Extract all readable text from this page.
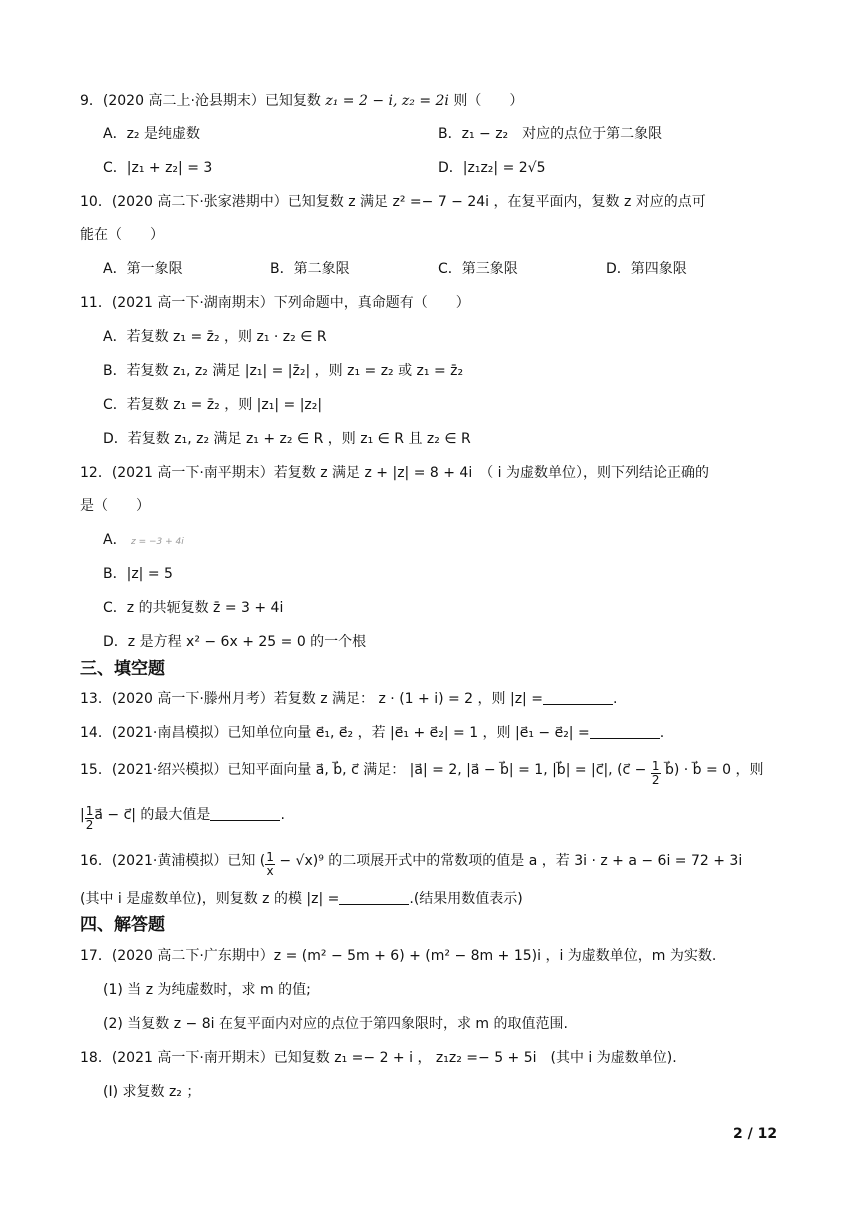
9．(2020 高二上·沧县期末）已知复数 z₁ = 2 − i, z₂ = 2i 则（　　）
A．z₂ 是纯虚数	B．z₁ − z₂　对应的点位于第二象限
C．|z₁ + z₂| = 3	D．|z₁z₂| = 2√5
10．(2020 高二下·张家港期中）已知复数 z 满足 z² =− 7 − 24i ，在复平面内，复数 z 对应的点可
能在（　　）
A．第一象限	B．第二象限	C．第三象限	D．第四象限
11．(2021 高一下·湖南期末）下列命题中，真命题有（　　）
A．若复数 z₁ = z̄₂ ，则 z₁ · z₂ ∈ R
B．若复数 z₁, z₂ 满足 |z₁| = |z̄₂| ，则 z₁ = z₂ 或 z₁ = z̄₂
C．若复数 z₁ = z̄₂ ，则 |z₁| = |z₂|
D．若复数 z₁, z₂ 满足 z₁ + z₂ ∈ R ，则 z₁ ∈ R 且 z₂ ∈ R
12．(2021 高一下·南平期末）若复数 z 满足 z + |z| = 8 + 4i　（ i 为虚数单位），则下列结论正确的
是（　　）
A． z = −3 + 4i
B．|z| = 5
C．z 的共轭复数 z̄ = 3 + 4i
D．z 是方程 x² − 6x + 25 = 0 的一个根
三、填空题
13．(2020 高一下·滕州月考）若复数 z 满足： z · (1 + i) = 2 ，则 |z| =	.
14．(2021·南昌模拟）已知单位向量 e⃗₁, e⃗₂ ，若 |e⃗₁ + e⃗₂| = 1 ，则 |e⃗₁ − e⃗₂| =	.
15．(2021·绍兴模拟）已知平面向量 a⃗, b⃗, c⃗ 满足： |a⃗| = 2, |a⃗ − b⃗| = 1, |b⃗| = |c⃗|, (c⃗ − $\frac{1}{2}$ b⃗) · b⃗ = 0 ，则
| $\frac{1}{2}$ a⃗ − c⃗| 的最大值是	.
16．(2021·黄浦模拟）已知 ( $\frac{1}{x} - √x)^9$ 的二项展开式中的常数项的值是 a ，若 3i · z + a − 6i = 72 + 3i
(其中 i 是虚数单位)，则复数 z 的模 |z| =	.(结果用数值表示)
四、解答题
17．(2020 高二下·广东期中）z = (m² − 5m + 6) + (m² − 8m + 15)i ，i 为虚数单位，m 为实数.
(1) 当 z 为纯虚数时，求 m 的值;
(2) 当复数 z − 8i 在复平面内对应的点位于第四象限时，求 m 的取值范围.
18．(2021 高一下·南开期末）已知复数 z₁ =− 2 + i ， z₁z₂ =− 5 + 5i　(其中 i 为虚数单位).
(I) 求复数 z₂ ；
2 / 12
